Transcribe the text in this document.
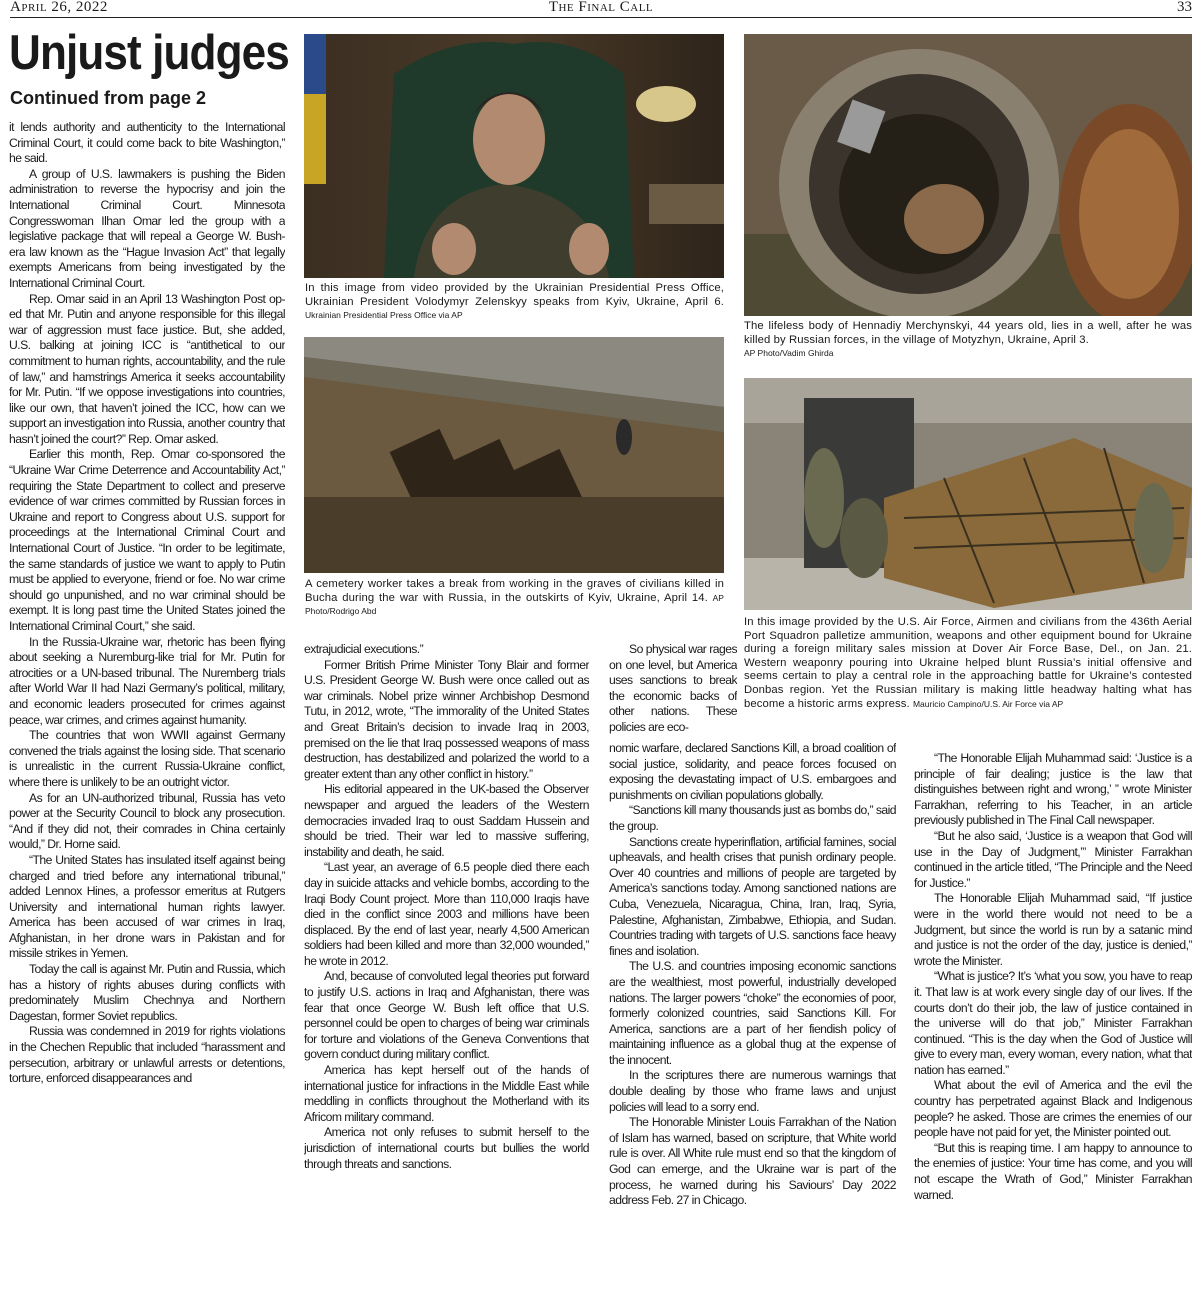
April 26, 2022	The Final Call	33
Unjust judges
Continued from page 2

it lends authority and authenticity to the International Criminal Court, it could come back to bite Washington,” he said.

A group of U.S. lawmakers is pushing the Biden administration to reverse the hypocrisy and join the International Criminal Court. Minnesota Congresswoman Ilhan Omar led the group with a legislative package that will repeal a George W. Bush-era law known as the “Hague Invasion Act” that legally exempts Americans from being investigated by the International Criminal Court.

Rep. Omar said in an April 13 Washington Post op-ed that Mr. Putin and anyone responsible for this illegal war of aggression must face justice. But, she added, U.S. balking at joining ICC is “antithetical to our commitment to human rights, accountability, and the rule of law,” and hamstrings America it seeks accountability for Mr. Putin. “If we oppose investigations into countries, like our own, that haven’t joined the ICC, how can we support an investigation into Russia, another country that hasn’t joined the court?” Rep. Omar asked.

Earlier this month, Rep. Omar co-sponsored the “Ukraine War Crime Deterrence and Accountability Act,” requiring the State Department to collect and preserve evidence of war crimes committed by Russian forces in Ukraine and report to Congress about U.S. support for proceedings at the International Criminal Court and International Court of Justice. “In order to be legitimate, the same standards of justice we want to apply to Putin must be applied to everyone, friend or foe. No war crime should go unpunished, and no war criminal should be exempt. It is long past time the United States joined the International Criminal Court,” she said.

In the Russia-Ukraine war, rhetoric has been flying about seeking a Nuremburg-like trial for Mr. Putin for atrocities or a UN-based tribunal. The Nuremberg trials after World War II had Nazi Germany’s political, military, and economic leaders prosecuted for crimes against peace, war crimes, and crimes against humanity.

The countries that won WWII against Germany convened the trials against the losing side. That scenario is unrealistic in the current Russia-Ukraine conflict, where there is unlikely to be an outright victor.

As for an UN-authorized tribunal, Russia has veto power at the Security Council to block any prosecution. “And if they did not, their comrades in China certainly would,” Dr. Horne said.

“The United States has insulated itself against being charged and tried before any international tribunal,” added Lennox Hines, a professor emeritus at Rutgers University and international human rights lawyer. America has been accused of war crimes in Iraq, Afghanistan, in her drone wars in Pakistan and for missile strikes in Yemen.

Today the call is against Mr. Putin and Russia, which has a history of rights abuses during conflicts with predominately Muslim Chechnya and Northern Dagestan, former Soviet republics.

Russia was condemned in 2019 for rights violations in the Chechen Republic that included “harassment and persecution, arbitrary or unlawful arrests or detentions, torture, enforced disappearances and

In this image from video provided by the Ukrainian Presidential Press Office, Ukrainian President Volodymyr Zelenskyy speaks from Kyiv, Ukraine, April 6. Ukrainian Presidential Press Office via AP
The lifeless body of Hennadiy Merchynskyi, 44 years old, lies in a well, after he was killed by Russian forces, in the village of Motyzhyn, Ukraine, April 3.
AP Photo/Vadim Ghirda
A cemetery worker takes a break from working in the graves of civilians killed in Bucha during the war with Russia, in the outskirts of Kyiv, Ukraine, April 14. AP Photo/Rodrigo Abd
In this image provided by the U.S. Air Force, Airmen and civilians from the 436th Aerial Port Squadron palletize ammunition, weapons and other equipment bound for Ukraine during a foreign military sales mission at Dover Air Force Base, Del., on Jan. 21. Western weaponry pouring into Ukraine helped blunt Russia’s initial offensive and seems certain to play a central role in the approaching battle for Ukraine’s contested Donbas region. Yet the Russian military is making little headway halting what has become a historic arms express. Mauricio Campino/U.S. Air Force via AP

extrajudicial executions.”

Former British Prime Minister Tony Blair and former U.S. President George W. Bush were once called out as war criminals. Nobel prize winner Archbishop Desmond Tutu, in 2012, wrote, “The immorality of the United States and Great Britain’s decision to invade Iraq in 2003, premised on the lie that Iraq possessed weapons of mass destruction, has destabilized and polarized the world to a greater extent than any other conflict in history.”

His editorial appeared in the UK-based the Observer newspaper and argued the leaders of the Western democracies invaded Iraq to oust Saddam Hussein and should be tried. Their war led to massive suffering, instability and death, he said.

“Last year, an average of 6.5 people died there each day in suicide attacks and vehicle bombs, according to the Iraqi Body Count project. More than 110,000 Iraqis have died in the conflict since 2003 and millions have been displaced. By the end of last year, nearly 4,500 American soldiers had been killed and more than 32,000 wounded,” he wrote in 2012.

And, because of convoluted legal theories put forward to justify U.S. actions in Iraq and Afghanistan, there was fear that once George W. Bush left office that U.S. personnel could be open to charges of being war criminals for torture and violations of the Geneva Conventions that govern conduct during military conflict.

America has kept herself out of the hands of international justice for infractions in the Middle East while meddling in conflicts throughout the Motherland with its Africom military command.

America not only refuses to submit herself to the jurisdiction of international courts but bullies the world through threats and sanctions.

So physical war rages on one level, but America uses sanctions to break the economic backs of other nations. These policies are eco-

nomic warfare, declared Sanctions Kill, a broad coalition of social justice, solidarity, and peace forces focused on exposing the devastating impact of U.S. embargoes and punishments on civilian populations globally.

“Sanctions kill many thousands just as bombs do,” said the group.

Sanctions create hyperinflation, artificial famines, social upheavals, and health crises that punish ordinary people. Over 40 countries and millions of people are targeted by America’s sanctions today. Among sanctioned nations are Cuba, Venezuela, Nicaragua, China, Iran, Iraq, Syria, Palestine, Afghanistan, Zimbabwe, Ethiopia, and Sudan. Countries trading with targets of U.S. sanctions face heavy fines and isolation.

The U.S. and countries imposing economic sanctions are the wealthiest, most powerful, industrially developed nations. The larger powers “choke” the economies of poor, formerly colonized countries, said Sanctions Kill. For America, sanctions are a part of her fiendish policy of maintaining influence as a global thug at the expense of the innocent.

In the scriptures there are numerous warnings that double dealing by those who frame laws and unjust policies will lead to a sorry end.

The Honorable Minister Louis Farrakhan of the Nation of Islam has warned, based on scripture, that White world rule is over. All White rule must end so that the kingdom of God can emerge, and the Ukraine war is part of the process, he warned during his Saviours’ Day 2022 address Feb. 27 in Chicago.

“The Honorable Elijah Muhammad said: ‘Justice is a principle of fair dealing; justice is the law that distinguishes between right and wrong,’ ” wrote Minister Farrakhan, referring to his Teacher, in an article previously published in The Final Call newspaper.

“But he also said, ‘Justice is a weapon that God will use in the Day of Judgment,’” Minister Farrakhan continued in the article titled, “The Principle and the Need for Justice.”

The Honorable Elijah Muhammad said, “If justice were in the world there would not need to be a Judgment, but since the world is run by a satanic mind and justice is not the order of the day, justice is denied,” wrote the Minister.

“What is justice? It’s ‘what you sow, you have to reap it. That law is at work every single day of our lives. If the courts don’t do their job, the law of justice contained in the universe will do that job,” Minister Farrakhan continued. “This is the day when the God of Justice will give to every man, every woman, every nation, what that nation has earned.”

What about the evil of America and the evil the country has perpetrated against Black and Indigenous people? he asked. Those are crimes the enemies of our people have not paid for yet, the Minister pointed out.

“But this is reaping time. I am happy to announce to the enemies of justice: Your time has come, and you will not escape the Wrath of God,” Minister Farrakhan warned.
